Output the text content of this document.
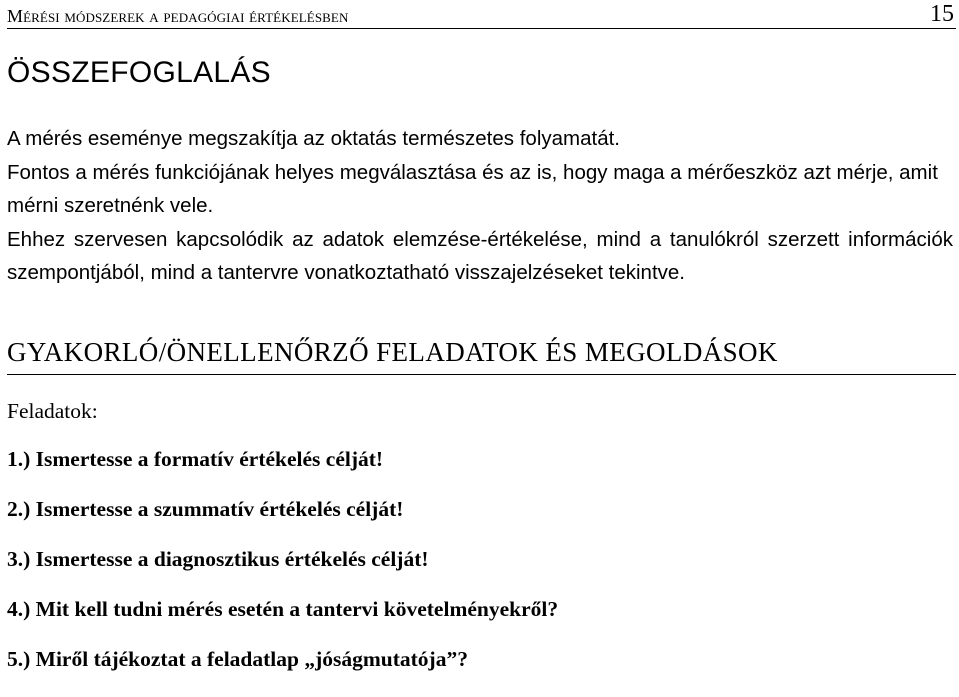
Mérési módszerek a pedagógiai értékelésben	15
ÖSSZEFOGLALÁS

A mérés eseménye megszakítja az oktatás természetes folyamatát.

Fontos a mérés funkciójának helyes megválasztása és az is, hogy maga a mérőeszköz azt mérje, amit mérni szeretnénk vele.

Ehhez szervesen kapcsolódik az adatok elemzése-értékelése, mind a tanulókról szerzett információk szempontjából, mind a tantervre vonatkoztatható visszajelzéseket tekintve.

GYAKORLÓ/ÖNELLENŐRZŐ FELADATOK ÉS MEGOLDÁSOK
Feladatok:
1.) Ismertesse a formatív értékelés célját!
2.) Ismertesse a szummatív értékelés célját!
3.) Ismertesse a diagnosztikus értékelés célját!
4.) Mit kell tudni mérés esetén a tantervi követelményekről?
5.) Miről tájékoztat a feladatlap „jóságmutatója”?
